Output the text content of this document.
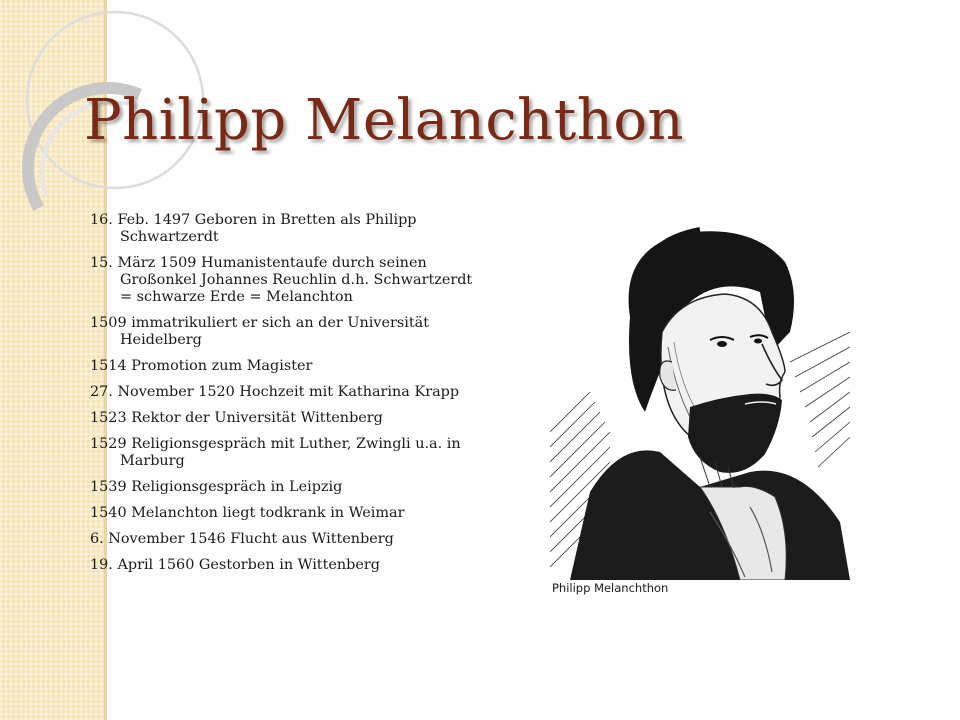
Philipp Melanchthon
16. Feb. 1497 Geboren in Bretten als Philipp Schwartzerdt
15. März 1509 Humanistentaufe durch seinen Großonkel Johannes Reuchlin d.h. Schwartzerdt = schwarze Erde = Melanchton
1509 immatrikuliert er sich an der Universität Heidelberg
1514 Promotion zum Magister
27. November 1520 Hochzeit mit Katharina Krapp
1523 Rektor der Universität Wittenberg
1529 Religionsgespräch mit Luther, Zwingli u.a. in Marburg
1539 Religionsgespräch in Leipzig
1540 Melanchton liegt todkrank in Weimar
6. November 1546 Flucht aus Wittenberg
19. April 1560 Gestorben in Wittenberg
Philipp Melanchthon
